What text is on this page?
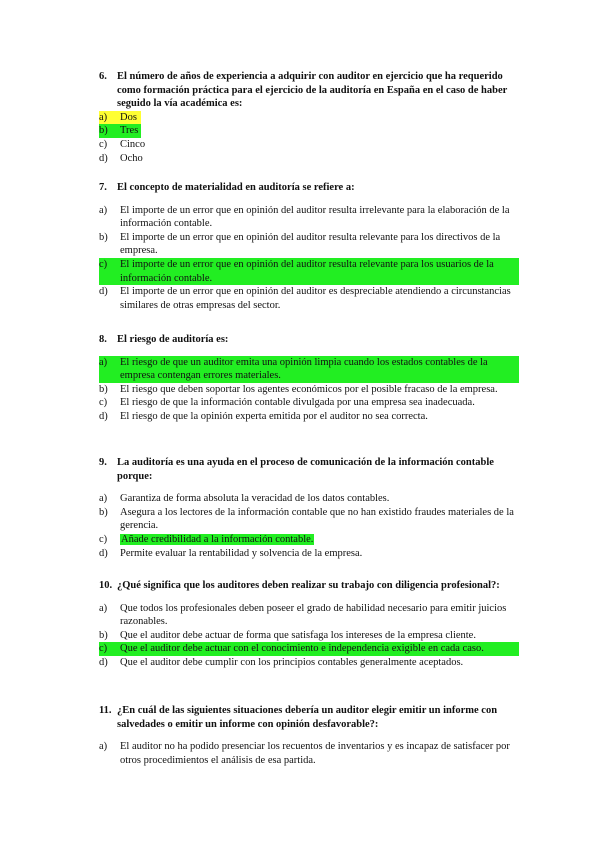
6. El número de años de experiencia a adquirir con auditor en ejercicio que ha requerido como formación práctica para el ejercicio de la auditoría en España en el caso de haber seguido la vía académica es:
a)	Dos
b)	Tres
c)	Cinco
d)	Ocho
7. El concepto de materialidad en auditoría se refiere a:
a)	El importe de un error que en opinión del auditor resulta irrelevante para la elaboración de la información contable.
b)	El importe de un error que en opinión del auditor resulta relevante para los directivos de la empresa.
c)	El importe de un error que en opinión del auditor resulta relevante para los usuarios de la información contable.
d)	El importe de un error que en opinión del auditor es despreciable atendiendo a circunstancias similares de otras empresas del sector.
8. El riesgo de auditoría es:
a)	El riesgo de que un auditor emita una opinión limpia cuando los estados contables de la empresa contengan errores materiales.
b)	El riesgo que deben soportar los agentes económicos por el posible fracaso de la empresa.
c)	El riesgo de que la información contable divulgada por una empresa sea inadecuada.
d)	El riesgo de que la opinión experta emitida por el auditor no sea correcta.
9. La auditoría es una ayuda en el proceso de comunicación de la información contable porque:
a)	Garantiza de forma absoluta la veracidad de los datos contables.
b)	Asegura a los lectores de la información contable que no han existido fraudes materiales de la gerencia.
c)	Añade credibilidad a la información contable.
d)	Permite evaluar la rentabilidad y solvencia de la empresa.
10. ¿Qué significa que los auditores deben realizar su trabajo con diligencia profesional?:
a)	Que todos los profesionales deben poseer el grado de habilidad necesario para emitir juicios razonables.
b)	Que el auditor debe actuar de forma que satisfaga los intereses de la empresa cliente.
c)	Que el auditor debe actuar con el conocimiento e independencia exigible en cada caso.
d)	Que el auditor debe cumplir con los principios contables generalmente aceptados.
11. ¿En cuál de las siguientes situaciones debería un auditor elegir emitir un informe con salvedades o emitir un informe con opinión desfavorable?:
a)	El auditor no ha podido presenciar los recuentos de inventarios y es incapaz de satisfacer por otros procedimientos el análisis de esa partida.
